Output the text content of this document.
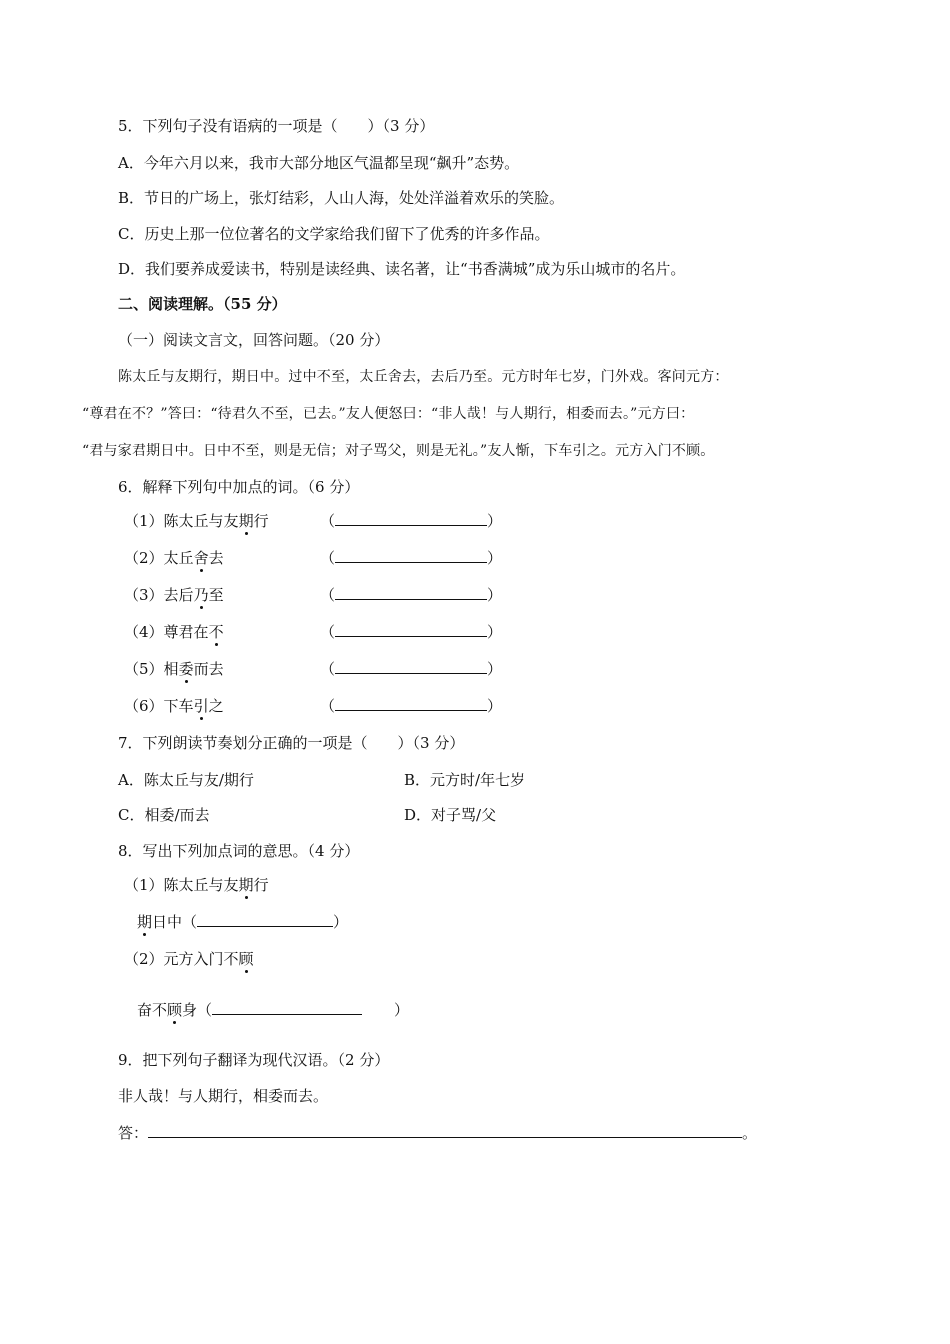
5．下列句子没有语病的一项是（　　）（3 分）
A．今年六月以来，我市大部分地区气温都呈现“飙升”态势。
B．节日的广场上，张灯结彩，人山人海，处处洋溢着欢乐的笑脸。
C．历史上那一位位著名的文学家给我们留下了优秀的许多作品。
D．我们要养成爱读书，特别是读经典、读名著，让“书香满城”成为乐山城市的名片。
二、阅读理解。（55 分）
（一）阅读文言文，回答问题。（20 分）
陈太丘与友期行，期日中。过中不至，太丘舍去，去后乃至。元方时年七岁，门外戏。客问元方：
“尊君在不？”答曰：“待君久不至，已去。”友人便怒曰：“非人哉！与人期行，相委而去。”元方曰：
“君与家君期日中。日中不至，则是无信；对子骂父，则是无礼。”友人惭，下车引之。元方入门不顾。
6．解释下列句中加点的词。（6 分）
（1）陈太丘与友期行	（	）
（2）太丘舍去	（	）
（3）去后乃至	（	）
（4）尊君在不	（	）
（5）相委而去	（	）
（6）下车引之	（	）
7．下列朗读节奏划分正确的一项是（　　）（3 分）
A．陈太丘与友/期行	B．元方时/年七岁
C．相委/而去	D．对子骂/父
8．写出下列加点词的意思。（4 分）
（1）陈太丘与友期行
期日中（	）
（2）元方入门不顾
奋不顾身（	）
9．把下列句子翻译为现代汉语。（2 分）
非人哉！与人期行，相委而去。
答：	。
